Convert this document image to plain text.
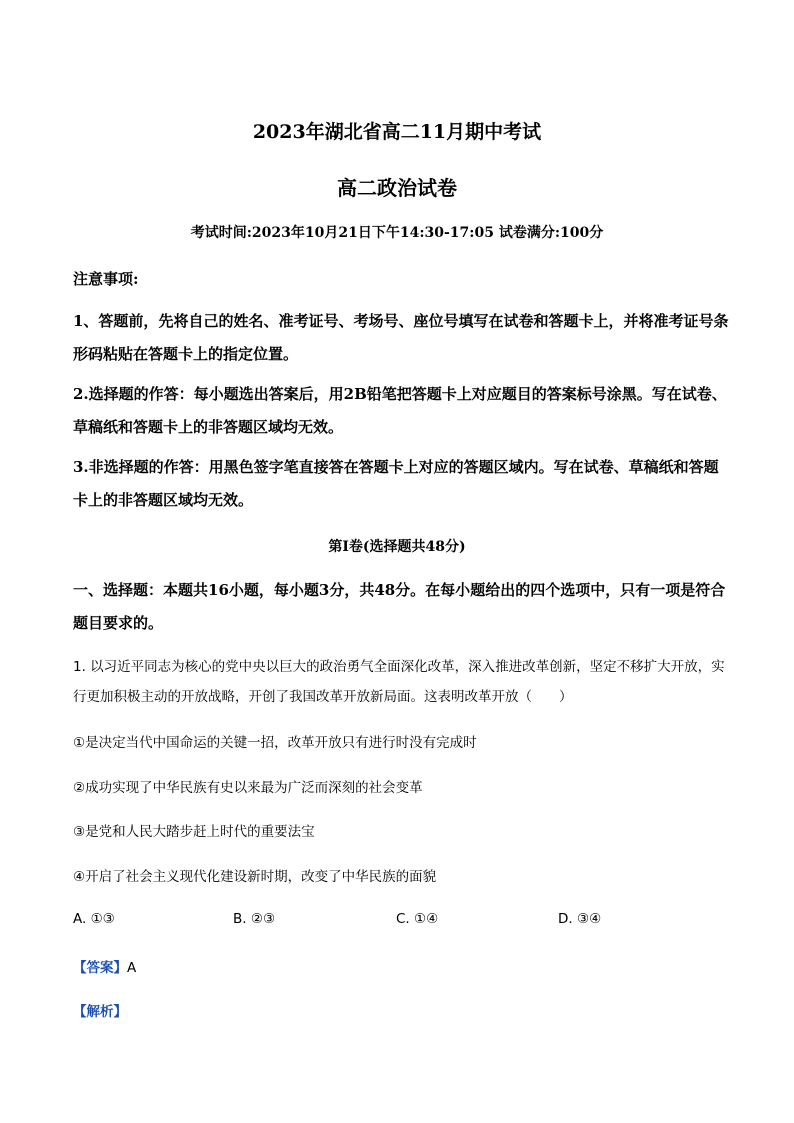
2023年湖北省高二11月期中考试
高二政治试卷
考试时间:2023年10月21日下午14:30-17:05 试卷满分:100分
注意事项:
1、答题前，先将自己的姓名、准考证号、考场号、座位号填写在试卷和答题卡上，并将准考证号条形码粘贴在答题卡上的指定位置。
2.选择题的作答：每小题选出答案后，用2B铅笔把答题卡上对应题目的答案标号涂黑。写在试卷、草稿纸和答题卡上的非答题区域均无效。
3.非选择题的作答：用黑色签字笔直接答在答题卡上对应的答题区域内。写在试卷、草稿纸和答题卡上的非答题区域均无效。
第Ⅰ卷(选择题共48分)
一、选择题：本题共16小题，每小题3分，共48分。在每小题给出的四个选项中，只有一项是符合题目要求的。
1. 以习近平同志为核心的党中央以巨大的政治勇气全面深化改革，深入推进改革创新，坚定不移扩大开放，实行更加积极主动的开放战略，开创了我国改革开放新局面。这表明改革开放（　　）
①是决定当代中国命运的关键一招，改革开放只有进行时没有完成时
②成功实现了中华民族有史以来最为广泛而深刻的社会变革
③是党和人民大踏步赶上时代的重要法宝
④开启了社会主义现代化建设新时期，改变了中华民族的面貌
A. ①③	B. ②③	C. ①④	D. ③④
【答案】A
【解析】
